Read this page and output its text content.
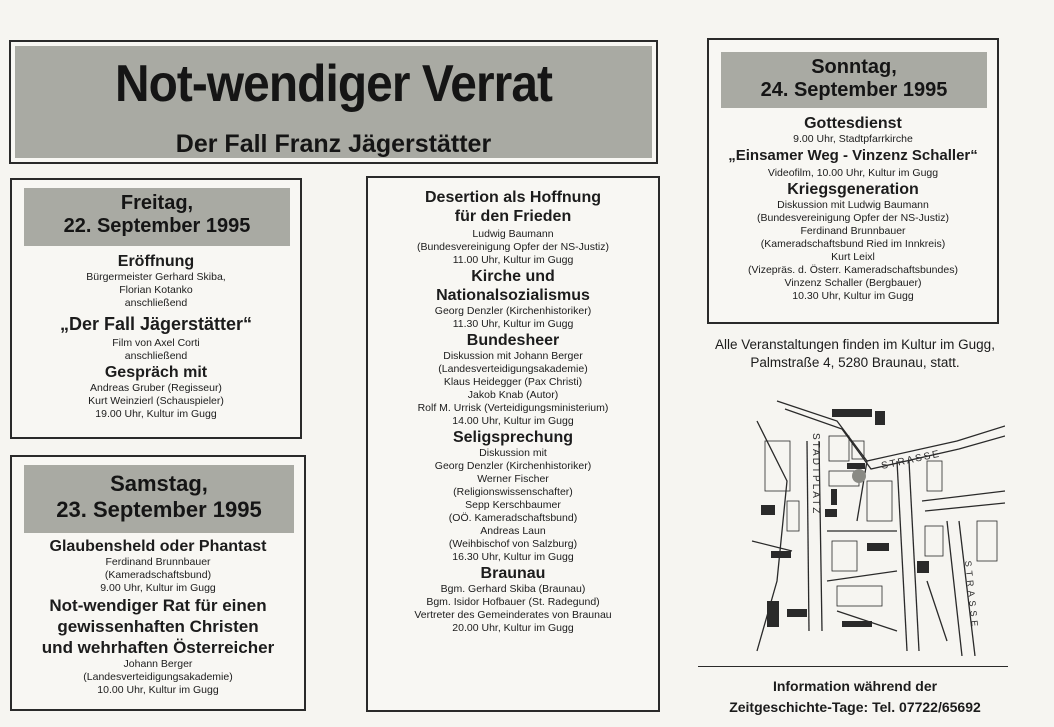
Not-wendiger Verrat
Der Fall Franz Jägerstätter
Freitag,
22. September 1995
Eröffnung
Bürgermeister Gerhard Skiba,
Florian Kotanko
anschließend
„Der Fall Jägerstätter“
Film von Axel Corti
anschließend
Gespräch mit
Andreas Gruber (Regisseur)
Kurt Weinzierl (Schauspieler)
19.00 Uhr, Kultur im Gugg
Samstag,
23. September 1995
Glaubensheld oder Phantast
Ferdinand Brunnbauer
(Kameradschaftsbund)
9.00 Uhr, Kultur im Gugg
Not-wendiger Rat für einen
gewissenhaften Christen
und wehrhaften Österreicher
Johann Berger
(Landesverteidigungsakademie)
10.00 Uhr, Kultur im Gugg
Desertion als Hoffnung
für den Frieden
Ludwig Baumann
(Bundesvereinigung Opfer der NS-Justiz)
11.00 Uhr, Kultur im Gugg
Kirche und
Nationalsozialismus
Georg Denzler (Kirchenhistoriker)
11.30 Uhr, Kultur im Gugg
Bundesheer
Diskussion mit Johann Berger
(Landesverteidigungsakademie)
Klaus Heidegger (Pax Christi)
Jakob Knab (Autor)
Rolf M. Urrisk (Verteidigungsministerium)
14.00 Uhr, Kultur im Gugg
Seligsprechung
Diskussion mit
Georg Denzler (Kirchenhistoriker)
Werner Fischer
(Religionswissenschafter)
Sepp Kerschbaumer
(OÖ. Kameradschaftsbund)
Andreas Laun
(Weihbischof von Salzburg)
16.30 Uhr, Kultur im Gugg
Braunau
Bgm. Gerhard Skiba (Braunau)
Bgm. Isidor Hofbauer (St. Radegund)
Vertreter des Gemeinderates von Braunau
20.00 Uhr, Kultur im Gugg
Sonntag,
24. September 1995
Gottesdienst
9.00 Uhr, Stadtpfarrkirche
„Einsamer Weg - Vinzenz Schaller“
Videofilm, 10.00 Uhr, Kultur im Gugg
Kriegsgeneration
Diskussion mit Ludwig Baumann
(Bundesvereinigung Opfer der NS-Justiz)
Ferdinand Brunnbauer
(Kameradschaftsbund Ried im Innkreis)
Kurt Leixl
(Vizepräs. d. Österr. Kameradschaftsbundes)
Vinzenz Schaller (Bergbauer)
10.30 Uhr, Kultur im Gugg
Alle Veranstaltungen finden im Kultur im Gugg,
Palmstraße 4, 5280 Braunau, statt.
STADTPLATZ	STRASSE
STRASSE
Information während der
Zeitgeschichte-Tage: Tel. 07722/65692
